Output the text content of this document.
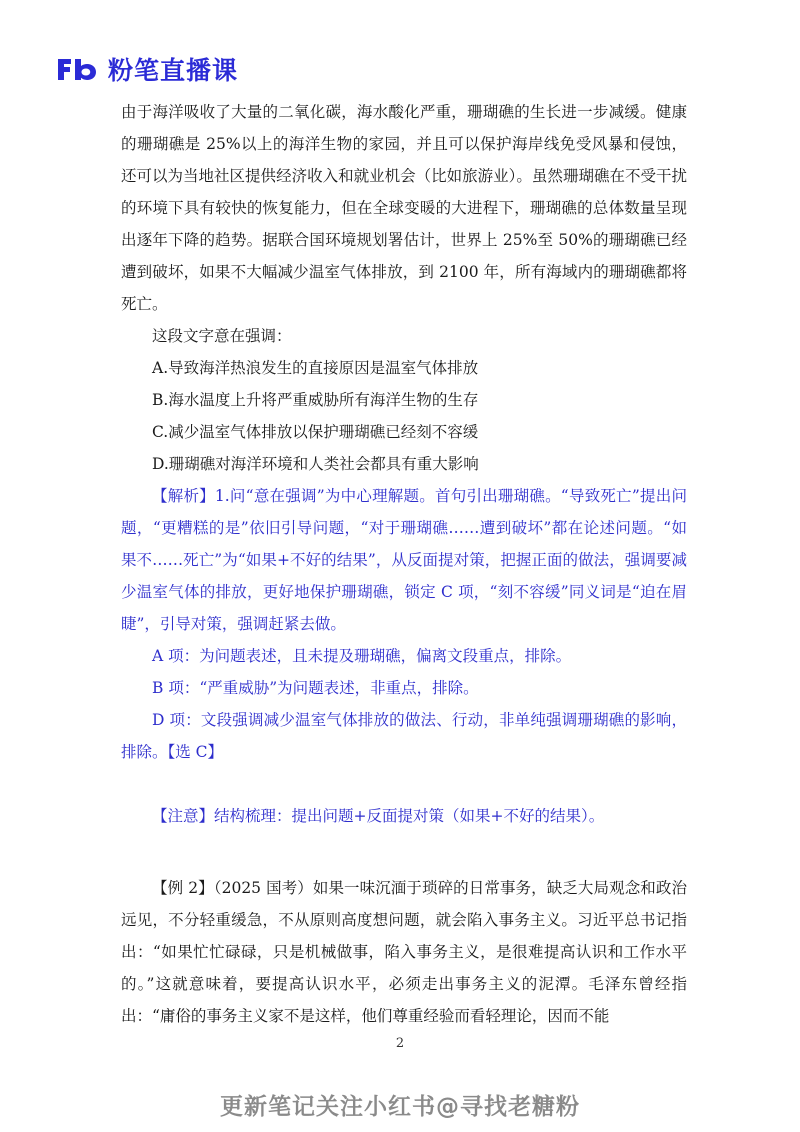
粉笔直播课

由于海洋吸收了大量的二氧化碳，海水酸化严重，珊瑚礁的生长进一步减缓。健康的珊瑚礁是 25%以上的海洋生物的家园，并且可以保护海岸线免受风暴和侵蚀，还可以为当地社区提供经济收入和就业机会（比如旅游业）。虽然珊瑚礁在不受干扰的环境下具有较快的恢复能力，但在全球变暖的大进程下，珊瑚礁的总体数量呈现出逐年下降的趋势。据联合国环境规划署估计，世界上 25%至 50%的珊瑚礁已经遭到破坏，如果不大幅减少温室气体排放，到 2100 年，所有海域内的珊瑚礁都将死亡。

这段文字意在强调：

A.导致海洋热浪发生的直接原因是温室气体排放

B.海水温度上升将严重威胁所有海洋生物的生存

C.减少温室气体排放以保护珊瑚礁已经刻不容缓

D.珊瑚礁对海洋环境和人类社会都具有重大影响

【解析】1.问“意在强调”为中心理解题。首句引出珊瑚礁。“导致死亡”提出问题，“更糟糕的是”依旧引导问题，“对于珊瑚礁……遭到破坏”都在论述问题。“如果不……死亡”为“如果+不好的结果”，从反面提对策，把握正面的做法，强调要减少温室气体的排放，更好地保护珊瑚礁，锁定 C 项，“刻不容缓”同义词是“迫在眉睫”，引导对策，强调赶紧去做。

A 项：为问题表述，且未提及珊瑚礁，偏离文段重点，排除。

B 项：“严重威胁”为问题表述，非重点，排除。

D 项：文段强调减少温室气体排放的做法、行动，非单纯强调珊瑚礁的影响，排除。【选 C】

【注意】结构梳理：提出问题+反面提对策（如果+不好的结果）。

【例 2】（2025 国考）如果一味沉湎于琐碎的日常事务，缺乏大局观念和政治远见，不分轻重缓急，不从原则高度想问题，就会陷入事务主义。习近平总书记指出：“如果忙忙碌碌，只是机械做事，陷入事务主义，是很难提高认识和工作水平的。”这就意味着，要提高认识水平，必须走出事务主义的泥潭。毛泽东曾经指出：“庸俗的事务主义家不是这样，他们尊重经验而看轻理论，因而不能

2
更新笔记关注小红书@寻找老糖粉
